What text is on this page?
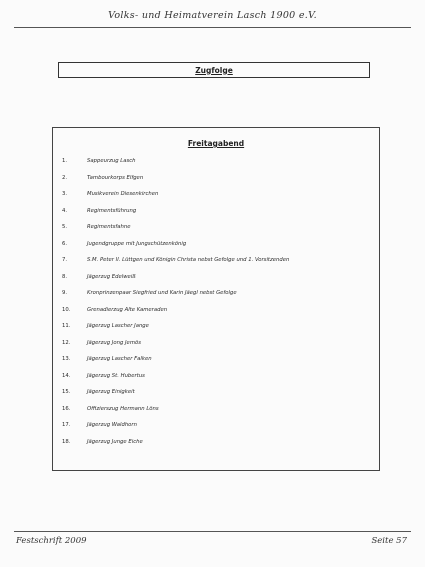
Volks- und Heimatverein Lasch 1900 e.V.
Zugfolge
Freitagabend
1.	Sappeurzug Lasch
2.	Tambourkorps Elfgen
3.	Musikverein Diesenkirchen
4.	Regimentsführung
5.	Regimentsfahne
6.	Jugendgruppe mit Jungschützenkönig
7.	S.M. Peter II. Lüttgen und Königin Christa nebst Gefolge und 1. Vorsitzenden
8.	Jägerzug Edelweiß
9.	Kronprinzenpaar Siegfried und Karin Jäegl nebst Gefolge
10.	Grenadierzug Alte Kameraden
11.	Jägerzug Lascher Jange
12.	Jägerzug Jong Jemös
13.	Jägerzug Lascher Falken
14.	Jägerzug St. Hubertus
15.	Jägerzug Einigkeit
16.	Offizierszug Hermann Löns
17.	Jägerzug Waldhorn
18.	Jägerzug Junge Eiche
Festschrift 2009	Seite 57
